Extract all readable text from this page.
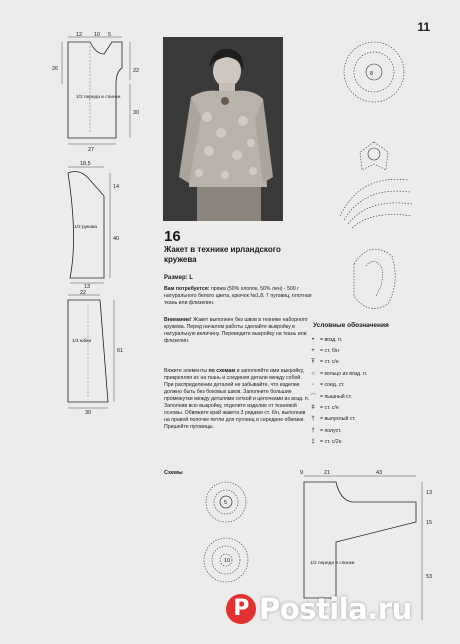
11
12 10 5
26	22
30
27
1/2 переда и спинки
18,5
14
40
13
1/2 рукава
22
61
30
1/4 юбки
8
16
Жакет в технике ирландского кружева
Размер: L
Вам потребуется: пряжа (50% хлопок, 50% лен) - 500 г натурального белого цвета, крючок №1,8, 7 пуговиц, плотная ткань или флизелин.
Внимание! Жакет выполнен без швов в технике наборного кружева. Перед началом работы сделайте выкройку в натуральную величину. Переведите выкройку на ткань или флизелин.
Вяжите элементы по схемам и заполняйте ими выкройку, прикрепляя их на ткань и соединяя детали между собой. При распределении деталей не забывайте, что изделие должно быть без боковых швов. Заполните большие промежутки между деталями сеткой и цепочками из возд. п. Заполнив всю выкройку, отделите изделие от тканевой основы. Обвяжите край жакета 3 рядами ст. б/н, выполнив на правой полочке петли для пуговиц в середине обвязки. Пришейте пуговицы.
Условные обозначения
•	= возд. п.
+	= ст. б/н
Ŧ = ст. с/н
○ = кольцо из возд. п.
◦	= соед. ст.
⌒ = пышный ст.
ǂ	= ст. с/н
†	= выпуклый ст.
†	= полуст.
‡	= ст. с/2н
Схемы
5
10
9	21	43
13
15
53
1/2 переда и спинки
P Postila.ru
